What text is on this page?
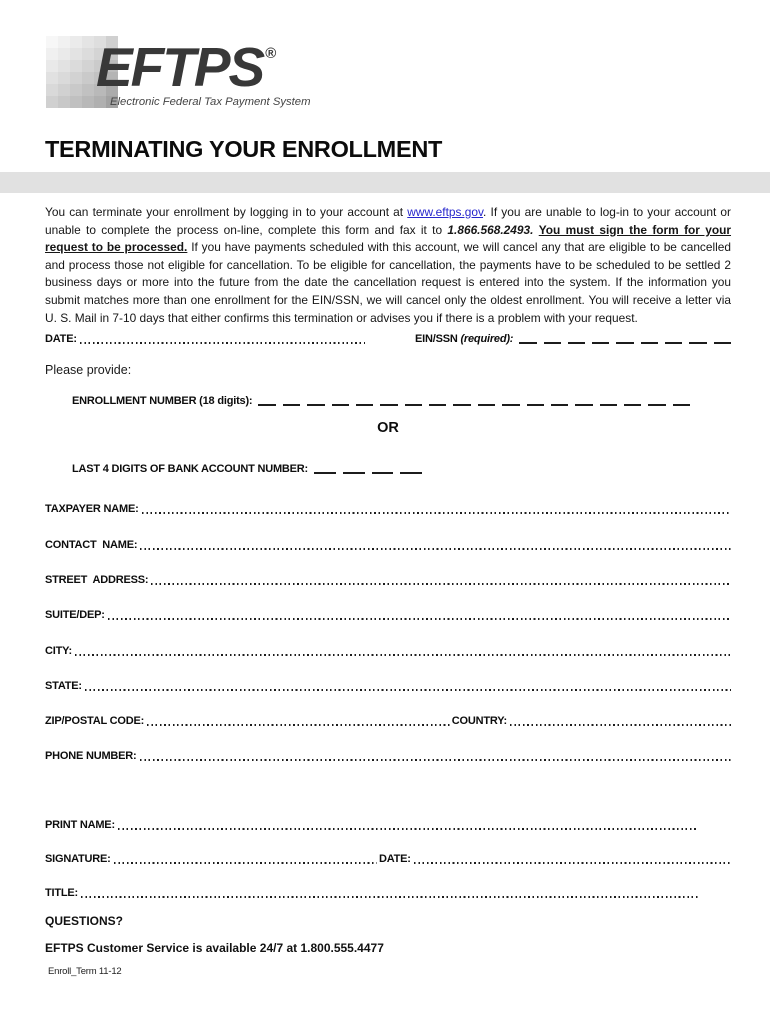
EFTPS ®
Electronic Federal Tax Payment System
TERMINATING YOUR ENROLLMENT
You can terminate your enrollment by logging in to your account at www.eftps.gov. If you are unable to log-in to your account or unable to complete the process on-line, complete this form and fax it to 1.866.568.2493. You must sign the form for your request to be processed. If you have payments scheduled with this account, we will cancel any that are eligible to be cancelled and process those not eligible for cancellation. To be eligible for cancellation, the payments have to be scheduled to be settled 2 business days or more into the future from the date the cancellation request is entered into the system. If the information you submit matches more than one enrollment for the EIN/SSN, we will cancel only the oldest enrollment. You will receive a letter via U. S. Mail in 7-10 days that either confirms this termination or advises you if there is a problem with your request.
DATE:	EIN/SSN (required):
Please provide:
ENROLLMENT NUMBER (18 digits):
OR
LAST 4 DIGITS OF BANK ACCOUNT NUMBER:
TAXPAYER NAME:
CONTACT  NAME:
STREET  ADDRESS:
SUITE/DEP:
CITY:
STATE:
ZIP/POSTAL CODE:	COUNTRY:
PHONE NUMBER:
PRINT NAME:
SIGNATURE:	DATE:
TITLE:
QUESTIONS?
EFTPS Customer Service is available 24/7 at 1.800.555.4477
Enroll_Term 11-12
